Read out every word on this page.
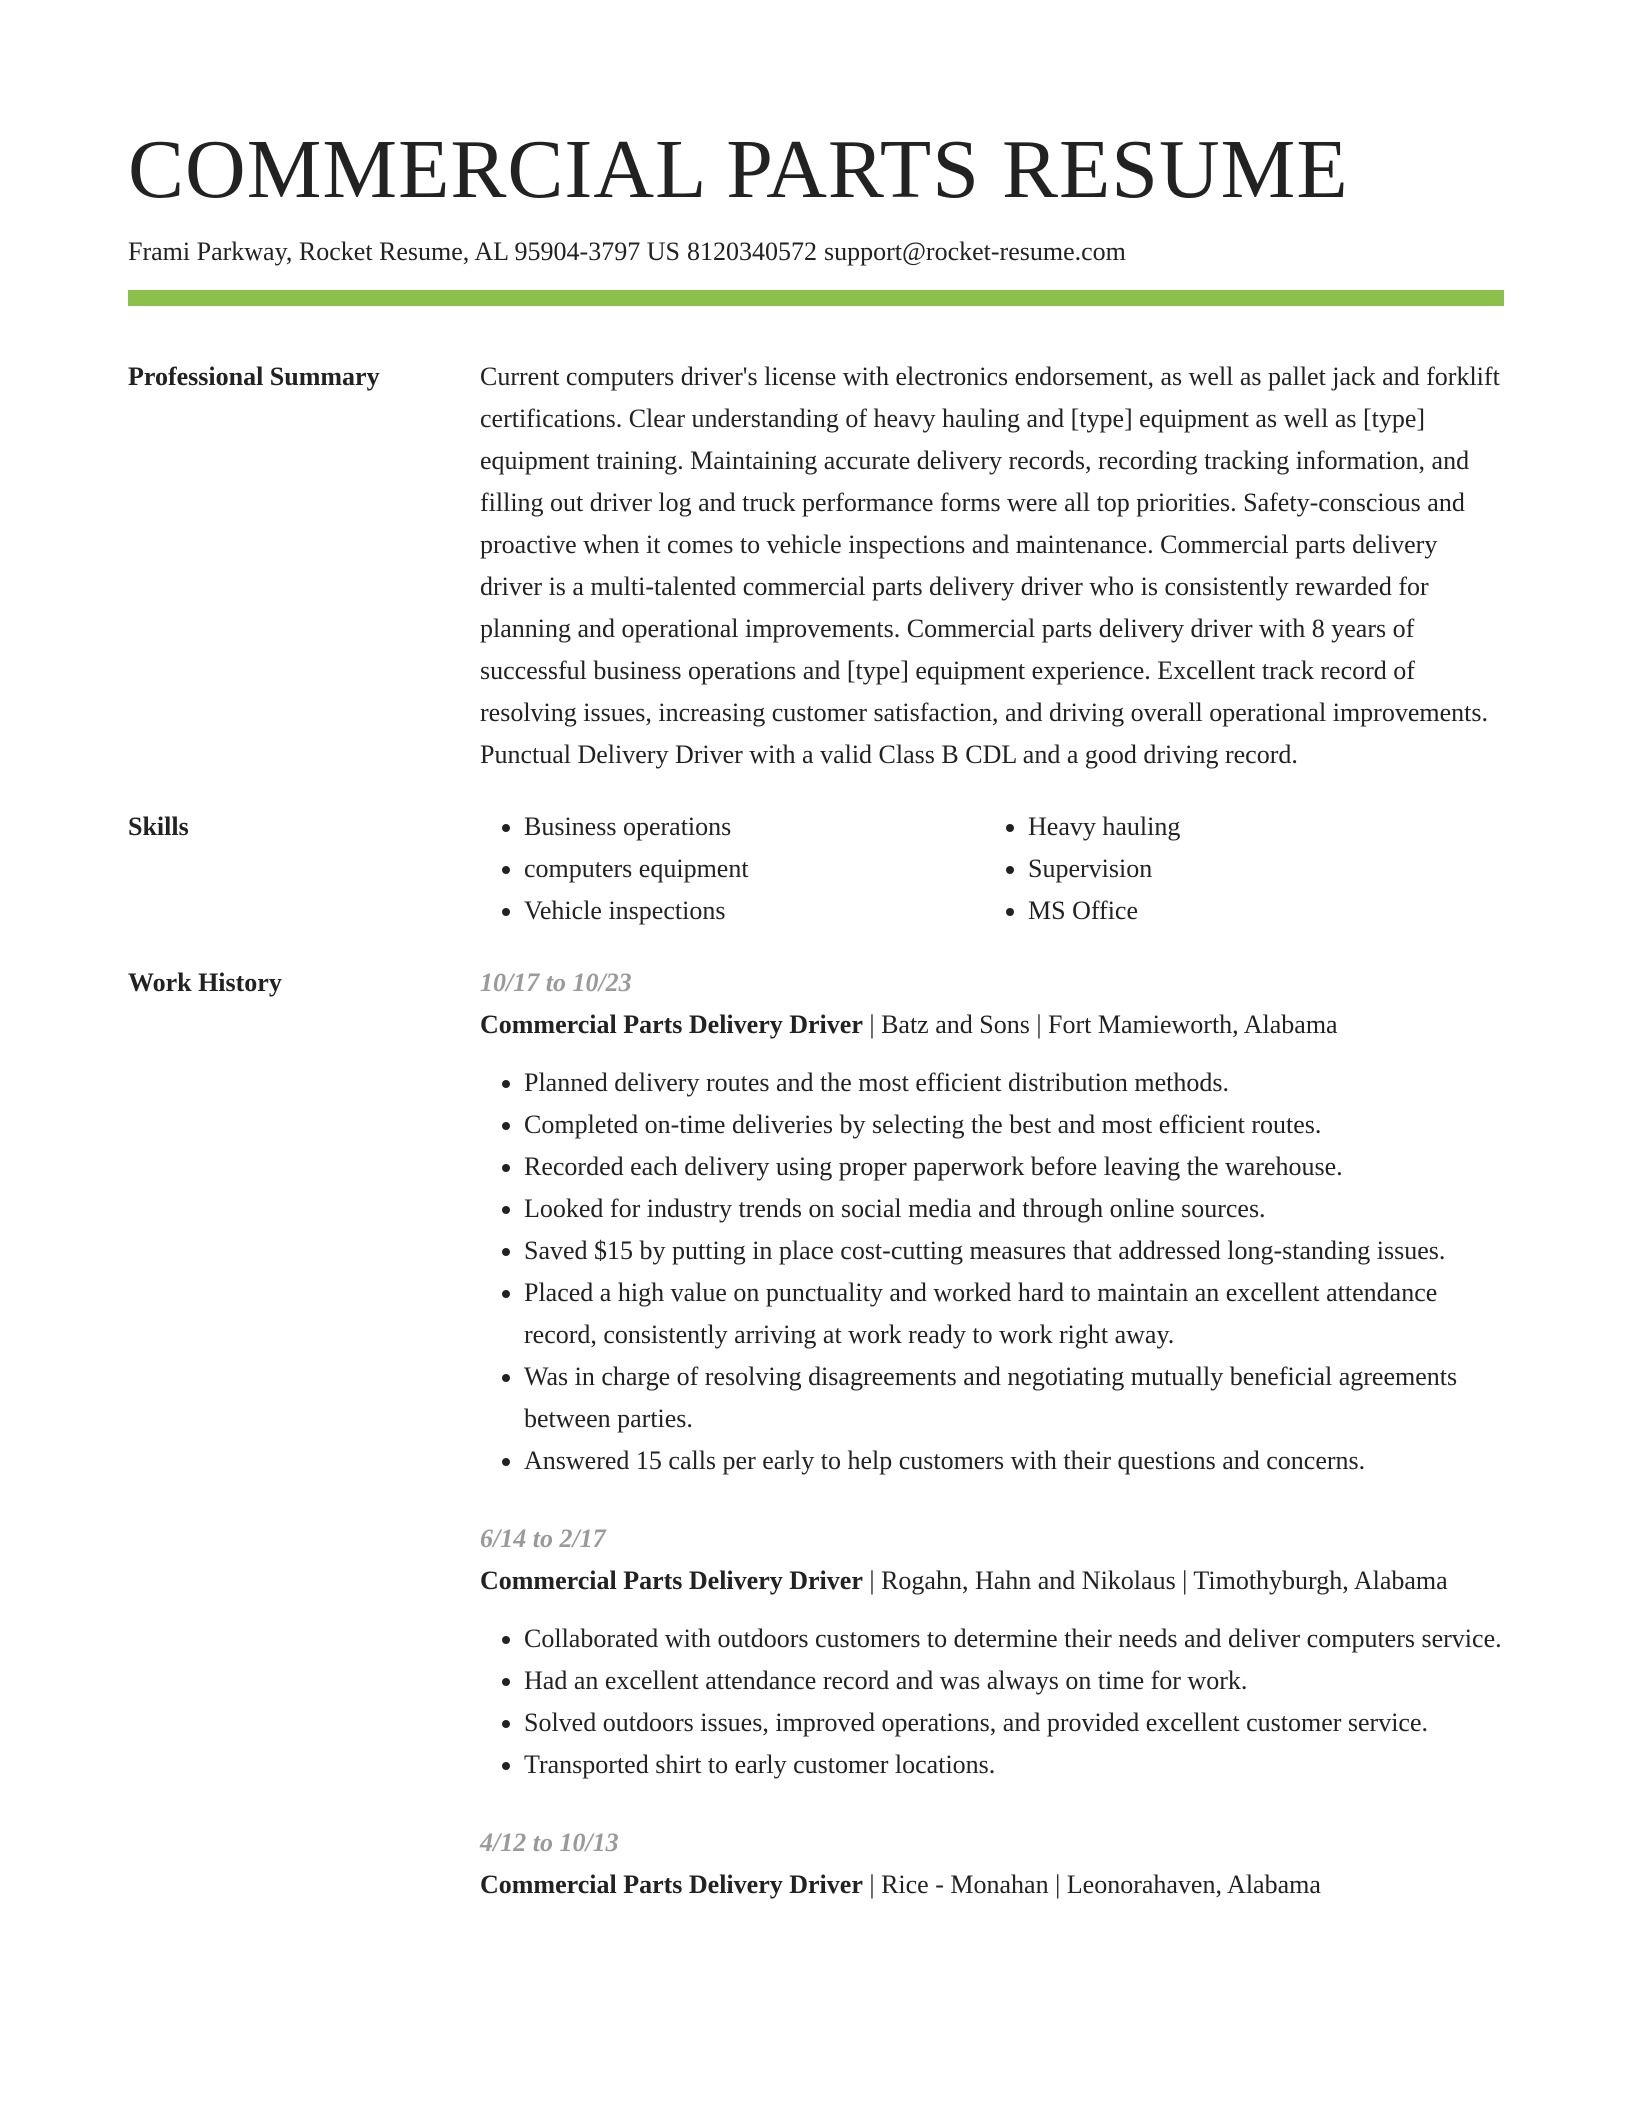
COMMERCIAL PARTS RESUME
Frami Parkway, Rocket Resume, AL 95904-3797 US 8120340572 support@rocket-resume.com
Professional Summary	Current computers driver's license with electronics endorsement, as well as pallet jack and forklift certifications. Clear understanding of heavy hauling and [type] equipment as well as [type] equipment training. Maintaining accurate delivery records, recording tracking information, and filling out driver log and truck performance forms were all top priorities. Safety-conscious and proactive when it comes to vehicle inspections and maintenance. Commercial parts delivery driver is a multi-talented commercial parts delivery driver who is consistently rewarded for planning and operational improvements. Commercial parts delivery driver with 8 years of successful business operations and [type] equipment experience. Excellent track record of resolving issues, increasing customer satisfaction, and driving overall operational improvements. Punctual Delivery Driver with a valid Class B CDL and a good driving record.

Skills
•	Business operations
• computers equipment
• Vehicle inspections
• Heavy hauling
• Supervision
• MS Office
Work History	10/17 to 10/23
Commercial Parts Delivery Driver | Batz and Sons | Fort Mamieworth, Alabama
• Planned delivery routes and the most efficient distribution methods.
• Completed on-time deliveries by selecting the best and most efficient routes.
• Recorded each delivery using proper paperwork before leaving the warehouse.
• Looked for industry trends on social media and through online sources.
• Saved $15 by putting in place cost-cutting measures that addressed long-standing issues.
• Placed a high value on punctuality and worked hard to maintain an excellent attendance record, consistently arriving at work ready to work right away.
• Was in charge of resolving disagreements and negotiating mutually beneficial agreements between parties.
• Answered 15 calls per early to help customers with their questions and concerns.
6/14 to 2/17
Commercial Parts Delivery Driver | Rogahn, Hahn and Nikolaus | Timothyburgh, Alabama
• Collaborated with outdoors customers to determine their needs and deliver computers service.
• Had an excellent attendance record and was always on time for work.
• Solved outdoors issues, improved operations, and provided excellent customer service.
• Transported shirt to early customer locations.
4/12 to 10/13
Commercial Parts Delivery Driver | Rice - Monahan | Leonorahaven, Alabama
